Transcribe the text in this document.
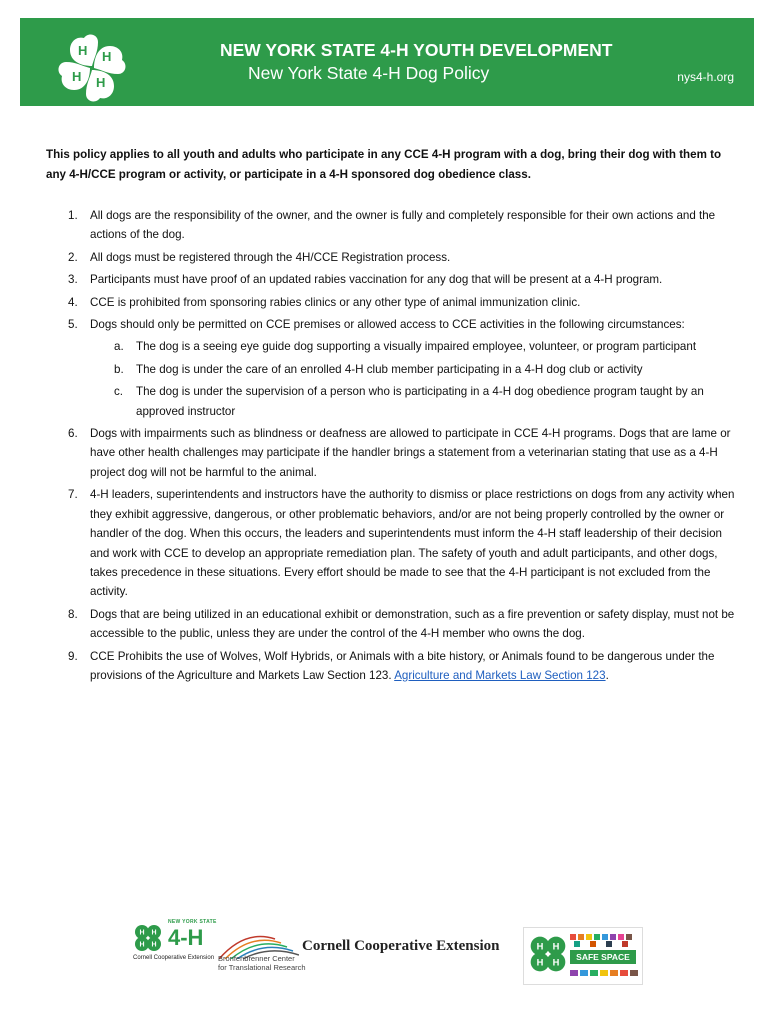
H H
H
H
NEW YORK STATE 4-H YOUTH DEVELOPMENT
New York State 4-H Dog Policy	nys4-h.org
This policy applies to all youth and adults who participate in any CCE 4-H program with a dog, bring their dog with them to any 4-H/CCE program or activity, or participate in a 4-H sponsored dog obedience class.
1. All dogs are the responsibility of the owner, and the owner is fully and completely responsible for their own actions and the actions of the dog.
2. All dogs must be registered through the 4H/CCE Registration process.
3. Participants must have proof of an updated rabies vaccination for any dog that will be present at a 4-H program.
4. CCE is prohibited from sponsoring rabies clinics or any other type of animal immunization clinic.
5. Dogs should only be permitted on CCE premises or allowed access to CCE activities in the following circumstances:
a. The dog is a seeing eye guide dog supporting a visually impaired employee, volunteer, or program participant
b. The dog is under the care of an enrolled 4-H club member participating in a 4-H dog club or activity
c. The dog is under the supervision of a person who is participating in a 4-H dog obedience program taught by an approved instructor
6. Dogs with impairments such as blindness or deafness are allowed to participate in CCE 4-H programs. Dogs that are lame or have other health challenges may participate if the handler brings a statement from a veterinarian stating that use as a 4-H project dog will not be harmful to the animal.
7. 4-H leaders, superintendents and instructors have the authority to dismiss or place restrictions on dogs from any activity when they exhibit aggressive, dangerous, or other problematic behaviors, and/or are not being properly controlled by the owner or handler of the dog. When this occurs, the leaders and superintendents must inform the 4-H staff leadership of their decision and work with CCE to develop an appropriate remediation plan. The safety of youth and adult participants, and other dogs, takes precedence in these situations. Every effort should be made to see that the 4-H participant is not excluded from the activity.
8. Dogs that are being utilized in an educational exhibit or demonstration, such as a fire prevention or safety display, must not be accessible to the public, unless they are under the control of the 4-H member who owns the dog.
9. CCE Prohibits the use of Wolves, Wolf Hybrids, or Animals with a bite history, or Animals found to be dangerous under the provisions of the Agriculture and Markets Law Section 123. Agriculture and Markets Law Section 123.
H H
H H
NEW YORK STATE
4-H
Cornell Cooperative Extension Bronfenbrenner Center
for Translational Research
Cornell Cooperative Extension	H H
H H
SAFE SPACE
